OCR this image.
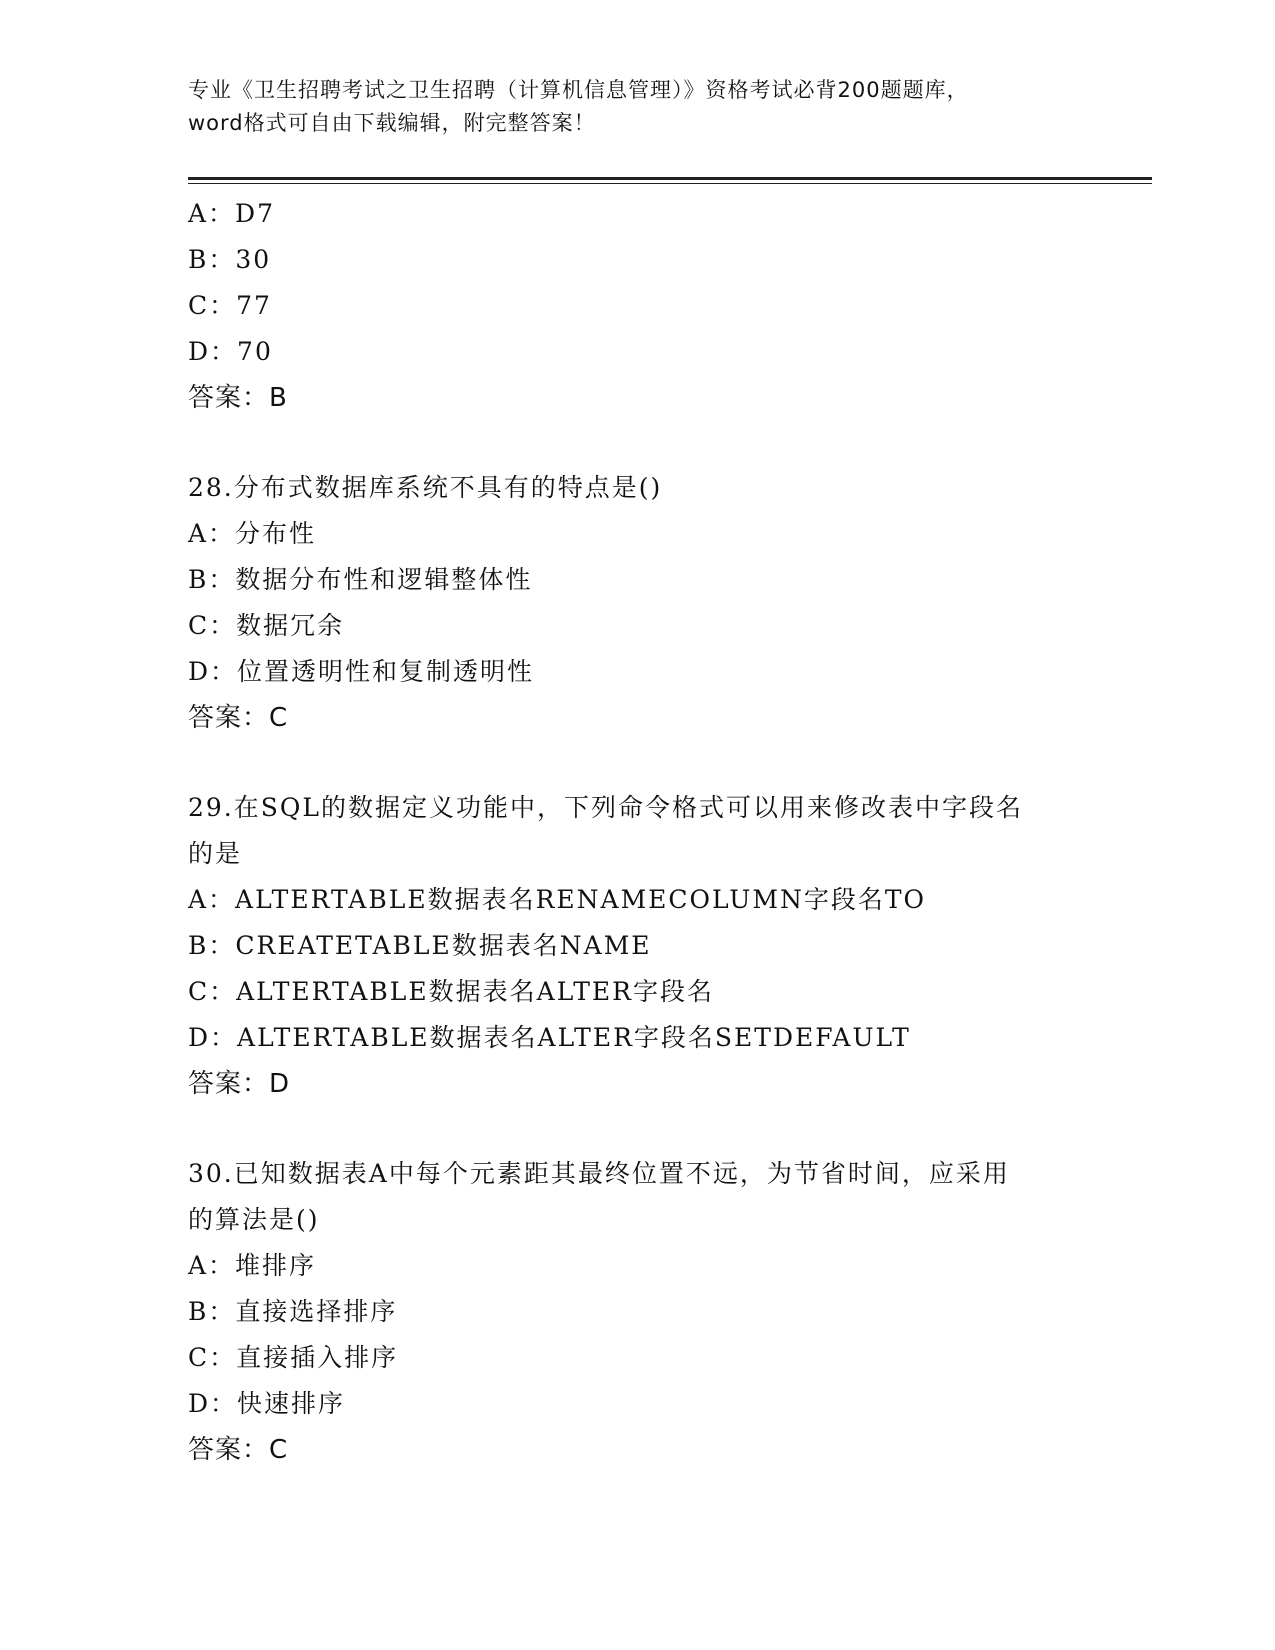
专业《卫生招聘考试之卫生招聘（计算机信息管理）》资格考试必背200题题库，
word格式可自由下载编辑，附完整答案！
A：D7
B：30
C：77
D：70
答案：B
28.分布式数据库系统不具有的特点是()
A：分布性
B：数据分布性和逻辑整体性
C：数据冗余
D：位置透明性和复制透明性
答案：C
29.在SQL的数据定义功能中，下列命令格式可以用来修改表中字段名
的是
A：ALTERTABLE数据表名RENAMECOLUMN字段名TO
B：CREATETABLE数据表名NAME
C：ALTERTABLE数据表名ALTER字段名
D：ALTERTABLE数据表名ALTER字段名SETDEFAULT
答案：D
30.已知数据表A中每个元素距其最终位置不远，为节省时间，应采用
的算法是()
A：堆排序
B：直接选择排序
C：直接插入排序
D：快速排序
答案：C
